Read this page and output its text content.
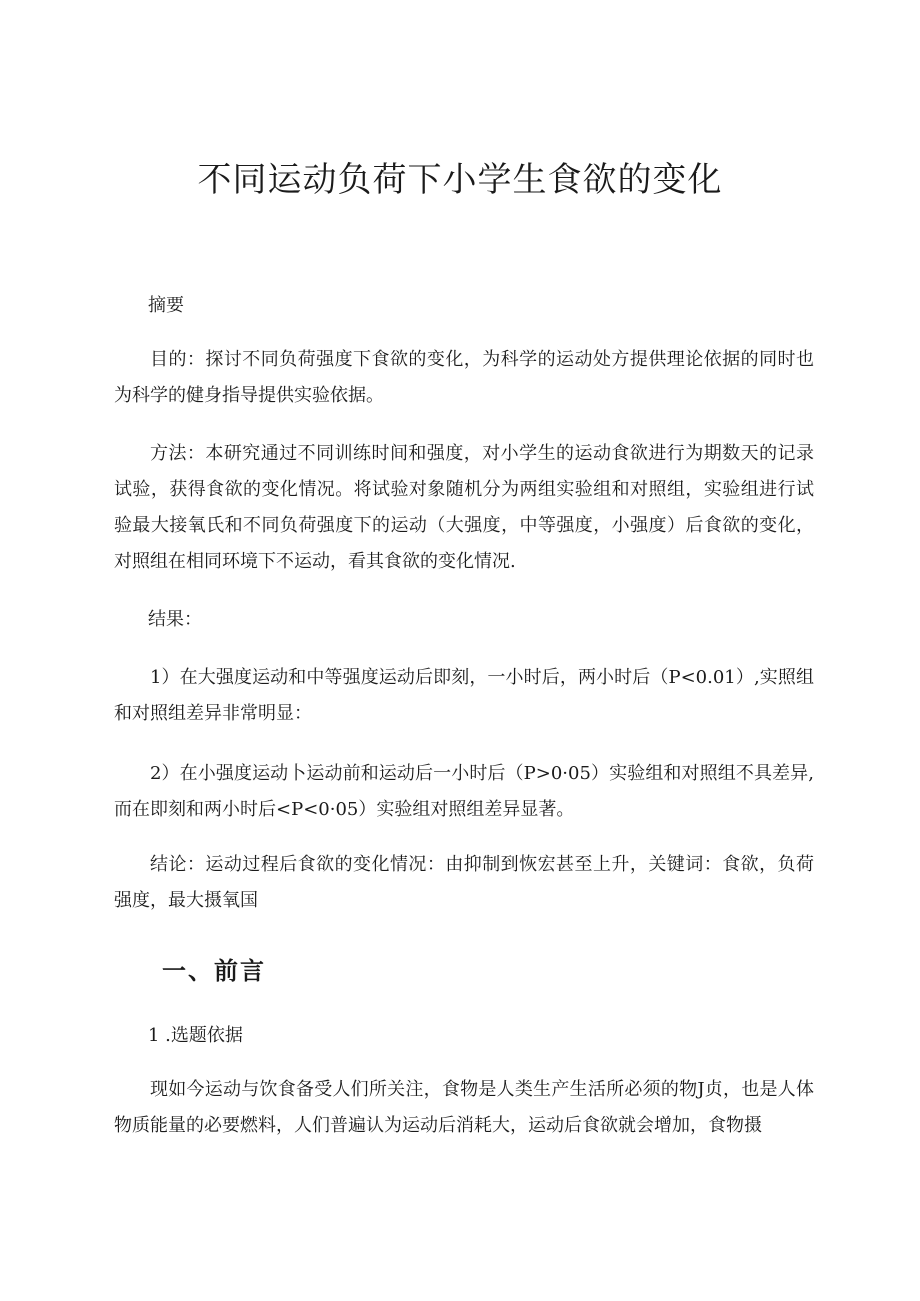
不同运动负荷下小学生食欲的变化

摘要

目的：探讨不同负荷强度下食欲的变化，为科学的运动处方提供理论依据的同时也为科学的健身指导提供实验依据。

方法：本研究通过不同训练时间和强度，对小学生的运动食欲进行为期数天的记录试验，获得食欲的变化情况。将试验对象随机分为两组实验组和对照组，实验组进行试验最大接氧氏和不同负荷强度下的运动（大强度，中等强度，小强度）后食欲的变化，对照组在相同环境下不运动，看其食欲的变化情况.

结果：

1）在大强度运动和中等强度运动后即刻，一小时后，两小时后（P<0.01）,实照组和对照组差异非常明显：

2）在小强度运动卜运动前和运动后一小时后（P>0·05）实验组和对照组不具差异,而在即刻和两小时后<P<0·05）实验组对照组差异显著。

结论：运动过程后食欲的变化情况：由抑制到恢宏甚至上升，关键词：食欲，负荷强度，最大摄氧国

一、前言

1 .选题依据

现如今运动与饮食备受人们所关注，食物是人类生产生活所必须的物J贞，也是人体物质能量的必要燃料，人们普遍认为运动后消耗大，运动后食欲就会增加，食物摄
